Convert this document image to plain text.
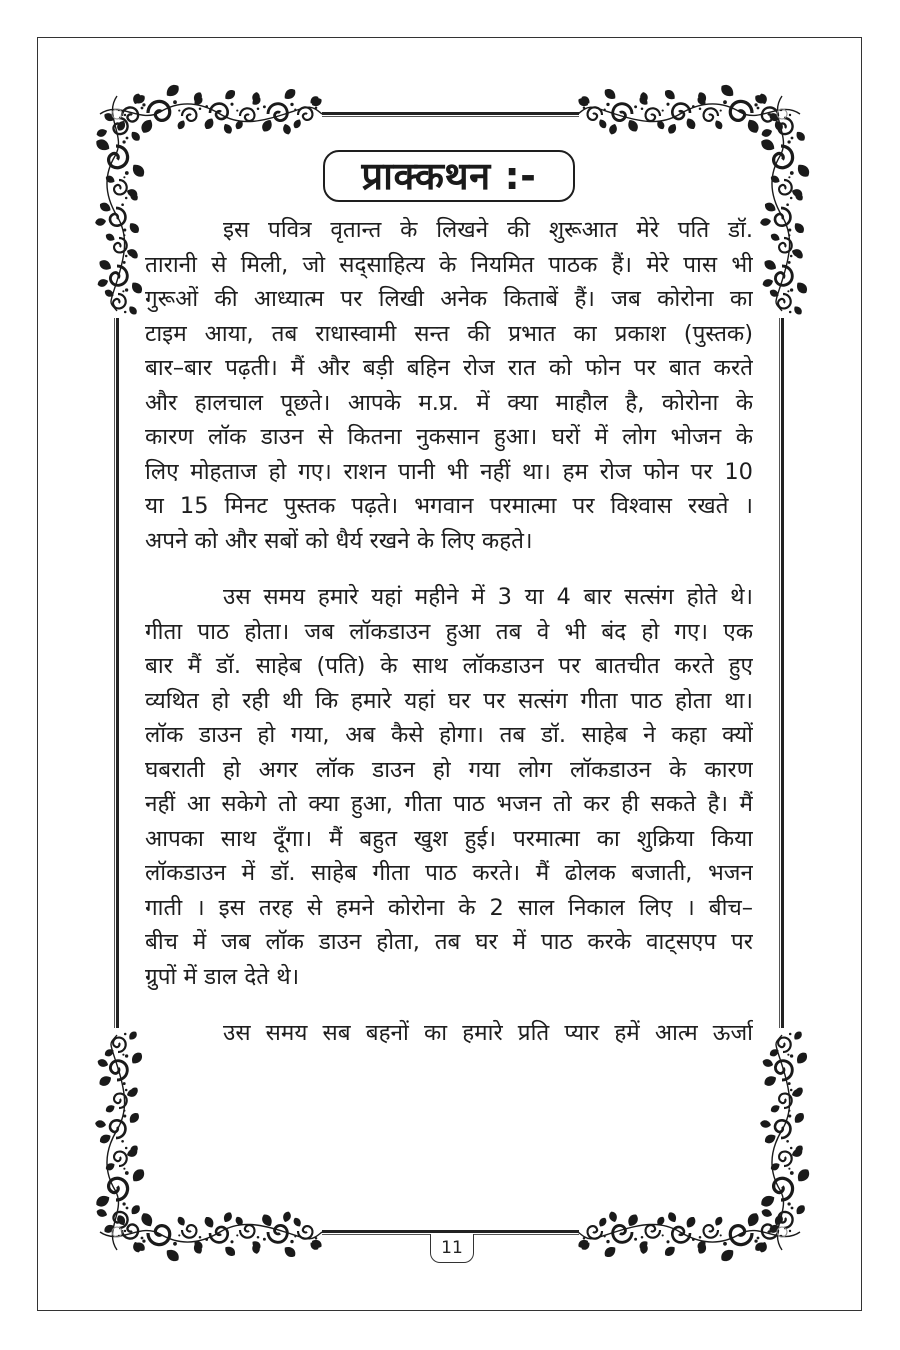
प्राक्कथन :-
इस पवित्र वृतान्त के लिखने की शुरूआत मेरे पति डॉ.
तारानी से मिली, जो सद्साहित्य के नियमित पाठक हैं। मेरे पास भी
गुरूओं की आध्यात्म पर लिखी अनेक किताबें हैं। जब कोरोना का
टाइम आया, तब राधास्वामी सन्त की प्रभात का प्रकाश (पुस्तक)
बार–बार पढ़ती। मैं और बड़ी बहिन रोज रात को फोन पर बात करते
और हालचाल पूछते। आपके म.प्र. में क्या माहौल है, कोरोना के
कारण लॉक डाउन से कितना नुकसान हुआ। घरों में लोग भोजन के
लिए मोहताज हो गए। राशन पानी भी नहीं था। हम रोज फोन पर 10
या 15 मिनट पुस्तक पढ़ते। भगवान परमात्मा पर विश्वास रखते ।
अपने को और सबों को धैर्य रखने के लिए कहते।
उस समय हमारे यहां महीने में 3 या 4 बार सत्संग होते थे।
गीता पाठ होता। जब लॉकडाउन हुआ तब वे भी बंद हो गए। एक
बार मैं डॉ. साहेब (पति) के साथ लॉकडाउन पर बातचीत करते हुए
व्यथित हो रही थी कि हमारे यहां घर पर सत्संग गीता पाठ होता था।
लॉक डाउन हो गया, अब कैसे होगा। तब डॉ. साहेब ने कहा क्यों
घबराती हो अगर लॉक डाउन हो गया लोग लॉकडाउन के कारण
नहीं आ सकेगे तो क्या हुआ, गीता पाठ भजन तो कर ही सकते है। मैं
आपका साथ दूँगा। मैं बहुत खुश हुई। परमात्मा का शुक्रिया किया
लॉकडाउन में डॉ. साहेब गीता पाठ करते। मैं ढोलक बजाती, भजन
गाती । इस तरह से हमने कोरोना के 2 साल निकाल लिए । बीच–
बीच में जब लॉक डाउन होता, तब घर में पाठ करके वाट्सएप पर
ग्रुपों में डाल देते थे।
उस समय सब बहनों का हमारे प्रति प्यार हमें आत्म ऊर्जा
11
